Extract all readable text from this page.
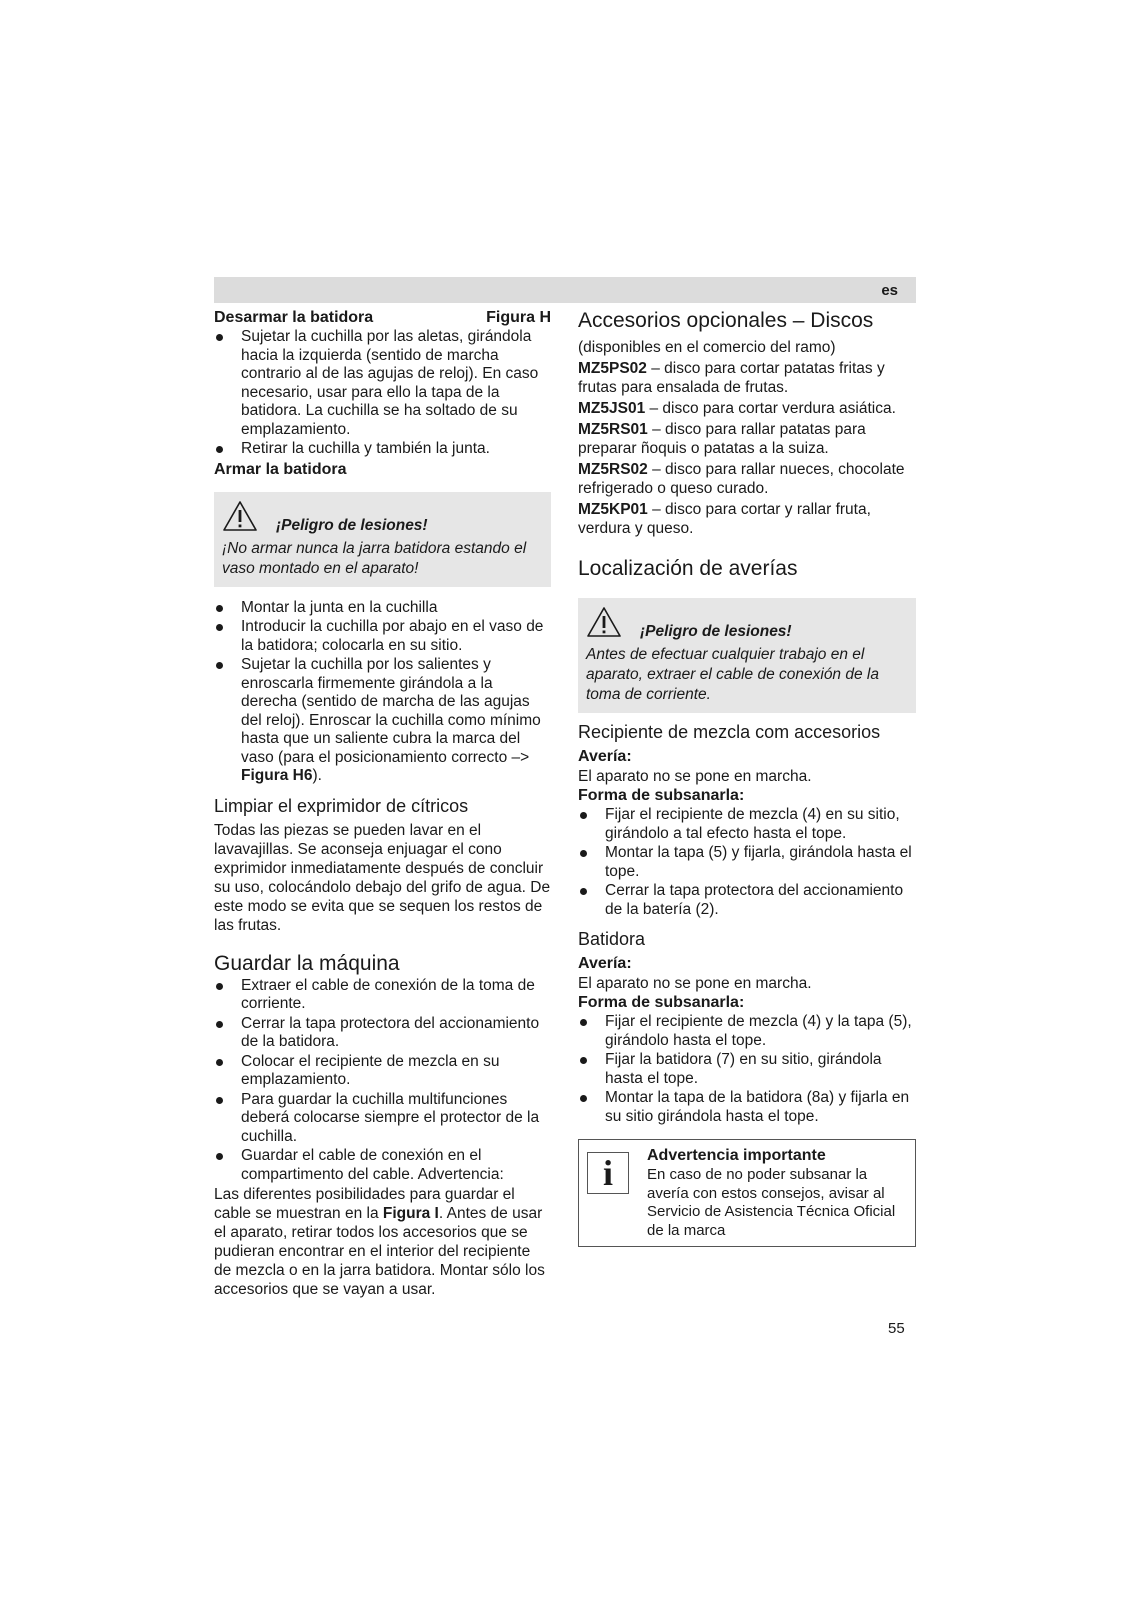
es
Desarmar la batidora	Figura H
Sujetar la cuchilla por las aletas, girándola hacia la izquierda (sentido de marcha contrario al de las agujas de reloj). En caso necesario, usar para ello la tapa de la batidora. La cuchilla se ha soltado de su emplazamiento.
Retirar la cuchilla y también la junta.
Armar la batidora
¡Peligro de lesiones!
¡No armar nunca la jarra batidora estando el vaso montado en el aparato!
Montar la junta en la cuchilla
Introducir la cuchilla por abajo en el vaso de la batidora; colocarla en su sitio.
Sujetar la cuchilla por los salientes y enroscarla firmemente girándola a la derecha (sentido de marcha de las agujas del reloj). Enroscar la cuchilla como mínimo hasta que un saliente cubra la marca del vaso (para el posicionamiento correcto –> Figura H6).
Limpiar el exprimidor de cítricos

Todas las piezas se pueden lavar en el lavavajillas. Se aconseja enjuagar el cono exprimidor inmediatamente después de concluir su uso, colocándolo debajo del grifo de agua. De este modo se evita que se sequen los restos de las frutas.

Guardar la máquina
Extraer el cable de conexión de la toma de corriente.
Cerrar la tapa protectora del accionamiento de la batidora.
Colocar el recipiente de mezcla en su emplazamiento.
Para guardar la cuchilla multifunciones deberá colocarse siempre el protector de la cuchilla.
Guardar el cable de conexión en el compartimento del cable. Advertencia:

Las diferentes posibilidades para guardar el cable se muestran en la Figura I. Antes de usar el aparato, retirar todos los accesorios que se pudieran encontrar en el interior del recipiente de mezcla o en la jarra batidora. Montar sólo los accesorios que se vayan a usar.

Accesorios opcionales – Discos

(disponibles en el comercio del ramo)

MZ5PS02 – disco para cortar patatas fritas y frutas para ensalada de frutas.

MZ5JS01 – disco para cortar verdura asiática.

MZ5RS01 – disco para rallar patatas para preparar ñoquis o patatas a la suiza.

MZ5RS02 – disco para rallar nueces, chocolate refrigerado o queso curado.

MZ5KP01 – disco para cortar y rallar fruta, verdura y queso.

Localización de averías
¡Peligro de lesiones!
Antes de efectuar cualquier trabajo en el aparato, extraer el cable de conexión de la toma de corriente.
Recipiente de mezcla com accesorios
Avería:

El aparato no se pone en marcha.

Forma de subsanarla:
Fijar el recipiente de mezcla (4) en su sitio, girándolo a tal efecto hasta el tope.
Montar la tapa (5) y fijarla, girándola hasta el tope.
Cerrar la tapa protectora del accionamiento de la batería (2).
Batidora
Avería:

El aparato no se pone en marcha.

Forma de subsanarla:
Fijar el recipiente de mezcla (4) y la tapa (5), girándolo hasta el tope.
Fijar la batidora (7) en su sitio, girándola hasta el tope.
Montar la tapa de la batidora (8a) y fijarla en su sitio girándola hasta el tope.
i	Advertencia importante
En caso de no poder subsanar la avería con estos consejos, avisar al Servicio de Asistencia Técnica Oficial de la marca
55
